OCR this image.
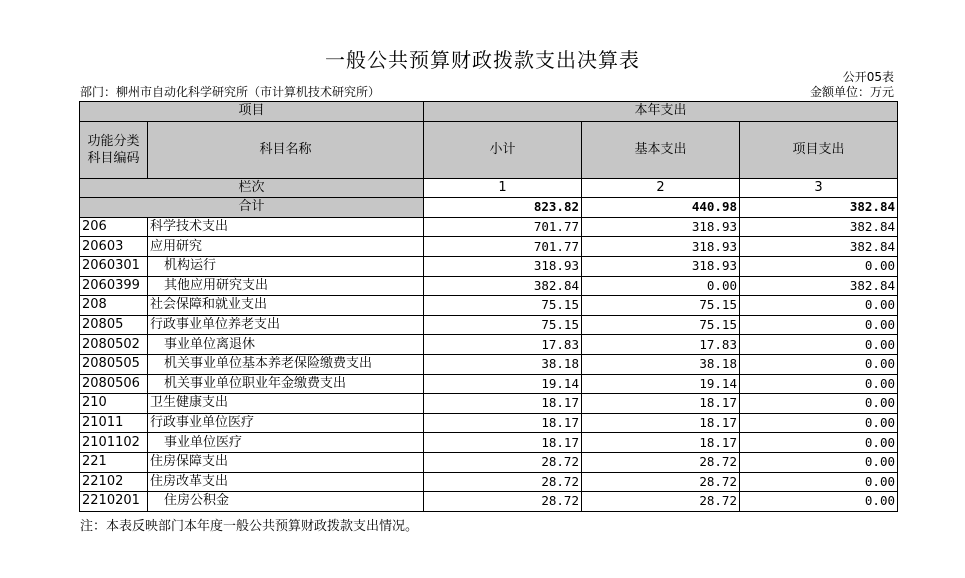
一般公共预算财政拨款支出决算表
公开05表
部门：柳州市自动化科学研究所（市计算机技术研究所）	金额单位：万元
项目		本年支出		
功能分类
科目编码	科目名称	小计	基本支出	项目支出
栏次		1	2	3
合计		823.82	440.98	382.84
206	科学技术支出	701.77	318.93	382.84
20603	应用研究	701.77	318.93	382.84
2060301	机构运行	318.93	318.93	0.00
2060399	其他应用研究支出	382.84	0.00	382.84
208	社会保障和就业支出	75.15	75.15	0.00
20805	行政事业单位养老支出	75.15	75.15	0.00
2080502	事业单位离退休	17.83	17.83	0.00
2080505	机关事业单位基本养老保险缴费支出	38.18	38.18	0.00
2080506	机关事业单位职业年金缴费支出	19.14	19.14	0.00
210	卫生健康支出	18.17	18.17	0.00
21011	行政事业单位医疗	18.17	18.17	0.00
2101102	事业单位医疗	18.17	18.17	0.00
221	住房保障支出	28.72	28.72	0.00
22102	住房改革支出	28.72	28.72	0.00
2210201	住房公积金	28.72	28.72	0.00
注：本表反映部门本年度一般公共预算财政拨款支出情况。
